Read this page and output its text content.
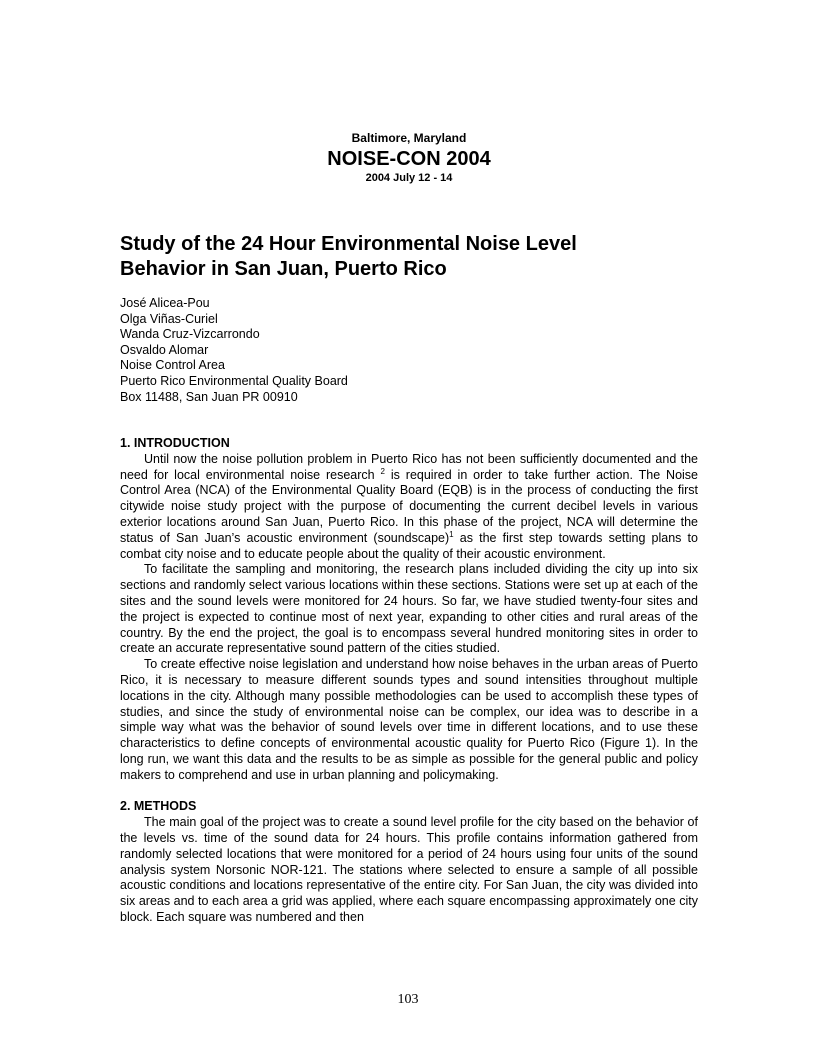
Baltimore, Maryland
NOISE-CON 2004
2004 July 12 - 14
Study of the 24 Hour Environmental Noise Level
Behavior in San Juan, Puerto Rico
José Alicea-Pou
Olga Viñas-Curiel
Wanda Cruz-Vizcarrondo
Osvaldo Alomar
Noise Control Area
Puerto Rico Environmental Quality Board
Box 11488, San Juan PR 00910
1. INTRODUCTION
Until now the noise pollution problem in Puerto Rico has not been sufficiently documented and the need for local environmental noise research $^2$ is required in order to take further action. The Noise Control Area (NCA) of the Environmental Quality Board (EQB) is in the process of conducting the first citywide noise study project with the purpose of documenting the current decibel levels in various exterior locations around San Juan, Puerto Rico. In this phase of the project, NCA will determine the status of San Juan’s acoustic environment (soundscape)$^1$ as the first step towards setting plans to combat city noise and to educate people about the quality of their acoustic environment.
To facilitate the sampling and monitoring, the research plans included dividing the city up into six sections and randomly select various locations within these sections. Stations were set up at each of the sites and the sound levels were monitored for 24 hours. So far, we have studied twenty-four sites and the project is expected to continue most of next year, expanding to other cities and rural areas of the country. By the end the project, the goal is to encompass several hundred monitoring sites in order to create an accurate representative sound pattern of the cities studied.
To create effective noise legislation and understand how noise behaves in the urban areas of Puerto Rico, it is necessary to measure different sounds types and sound intensities throughout multiple locations in the city. Although many possible methodologies can be used to accomplish these types of studies, and since the study of environmental noise can be complex, our idea was to describe in a simple way what was the behavior of sound levels over time in different locations, and to use these characteristics to define concepts of environmental acoustic quality for Puerto Rico (Figure 1). In the long run, we want this data and the results to be as simple as possible for the general public and policy makers to comprehend and use in urban planning and policymaking.
2. METHODS
The main goal of the project was to create a sound level profile for the city based on the behavior of the levels vs. time of the sound data for 24 hours. This profile contains information gathered from randomly selected locations that were monitored for a period of 24 hours using four units of the sound analysis system Norsonic NOR-121. The stations where selected to ensure a sample of all possible acoustic conditions and locations representative of the entire city. For San Juan, the city was divided into six areas and to each area a grid was applied, where each square encompassing approximately one city block. Each square was numbered and then
103
